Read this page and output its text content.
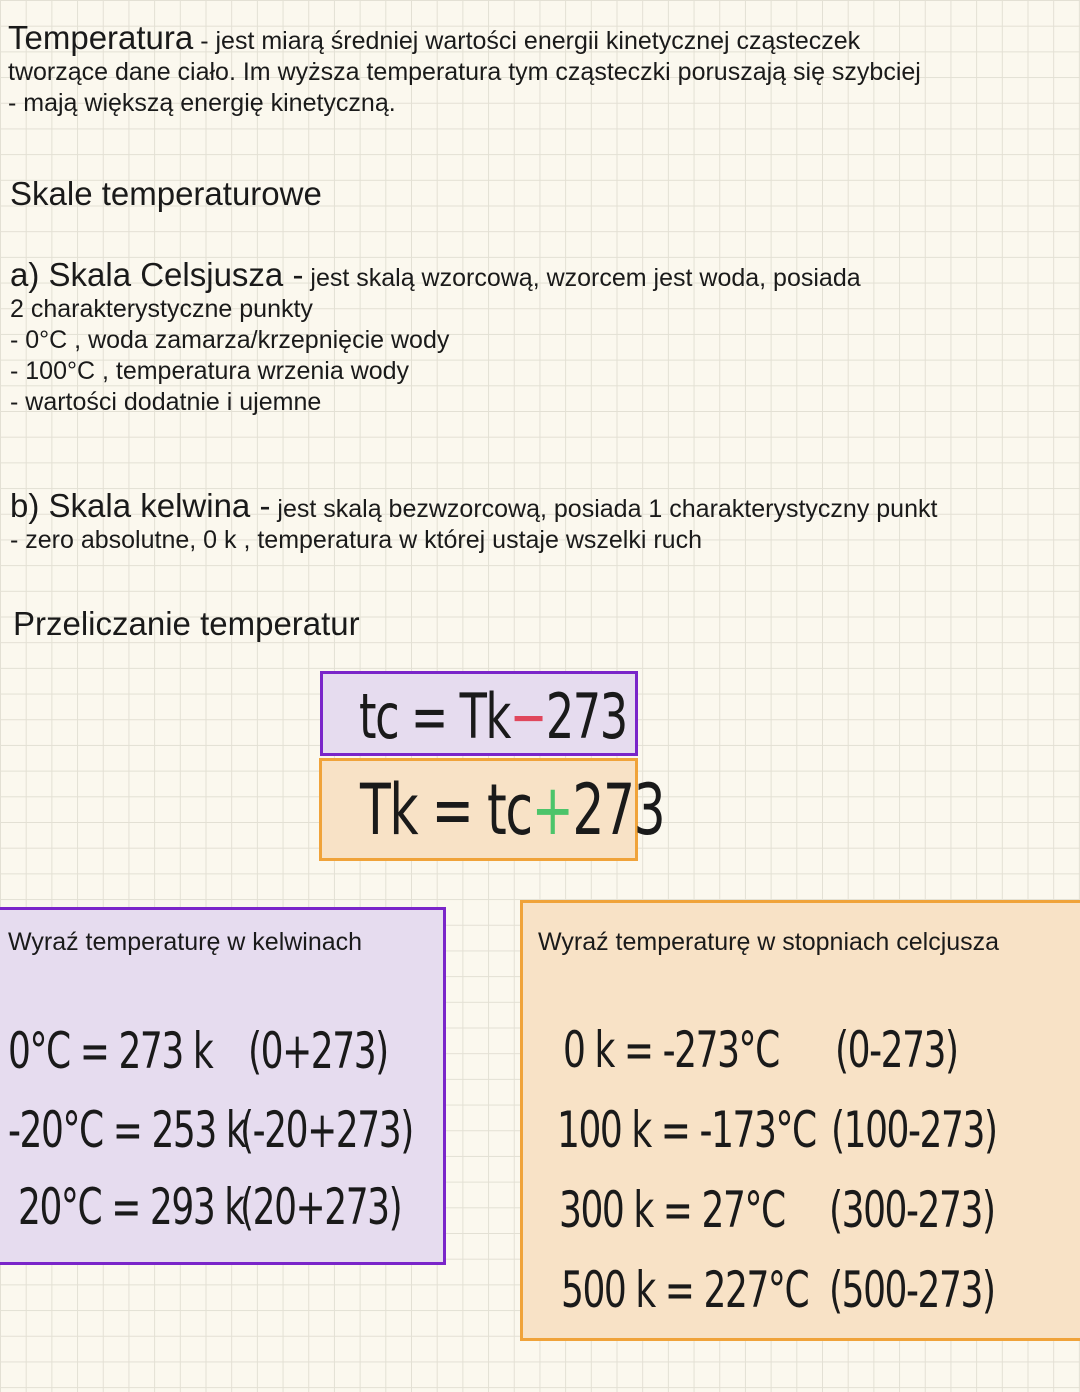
Temperatura - jest miarą średniej wartości energii kinetycznej cząsteczek
tworzące dane ciało. Im wyższa temperatura tym cząsteczki poruszają się szybciej
- mają większą energię kinetyczną.
Skale temperaturowe
a) Skala Celsjusza - jest skalą wzorcową, wzorcem jest woda, posiada
2 charakterystyczne punkty
- 0°C , woda zamarza/krzepnięcie wody
- 100°C , temperatura wrzenia wody
- wartości dodatnie i ujemne
b) Skala kelwina - jest skalą bezwzorcową, posiada 1 charakterystyczny punkt
- zero absolutne, 0 k , temperatura w której ustaje wszelki ruch
Przeliczanie temperatur
tc = Tk−273
Tk = tc+273
Wyraź temperaturę w kelwinach
0°C = 273 k (0+273)
-20°C = 253 k
(-20+273)
20°C = 293 k
(20+273)
Wyraź temperaturę w stopniach celcjusza
0 k = -273°C (0-273)
100 k = -173°C (100-273)
300 k = 27°C (300-273)
500 k = 227°C (500-273)
